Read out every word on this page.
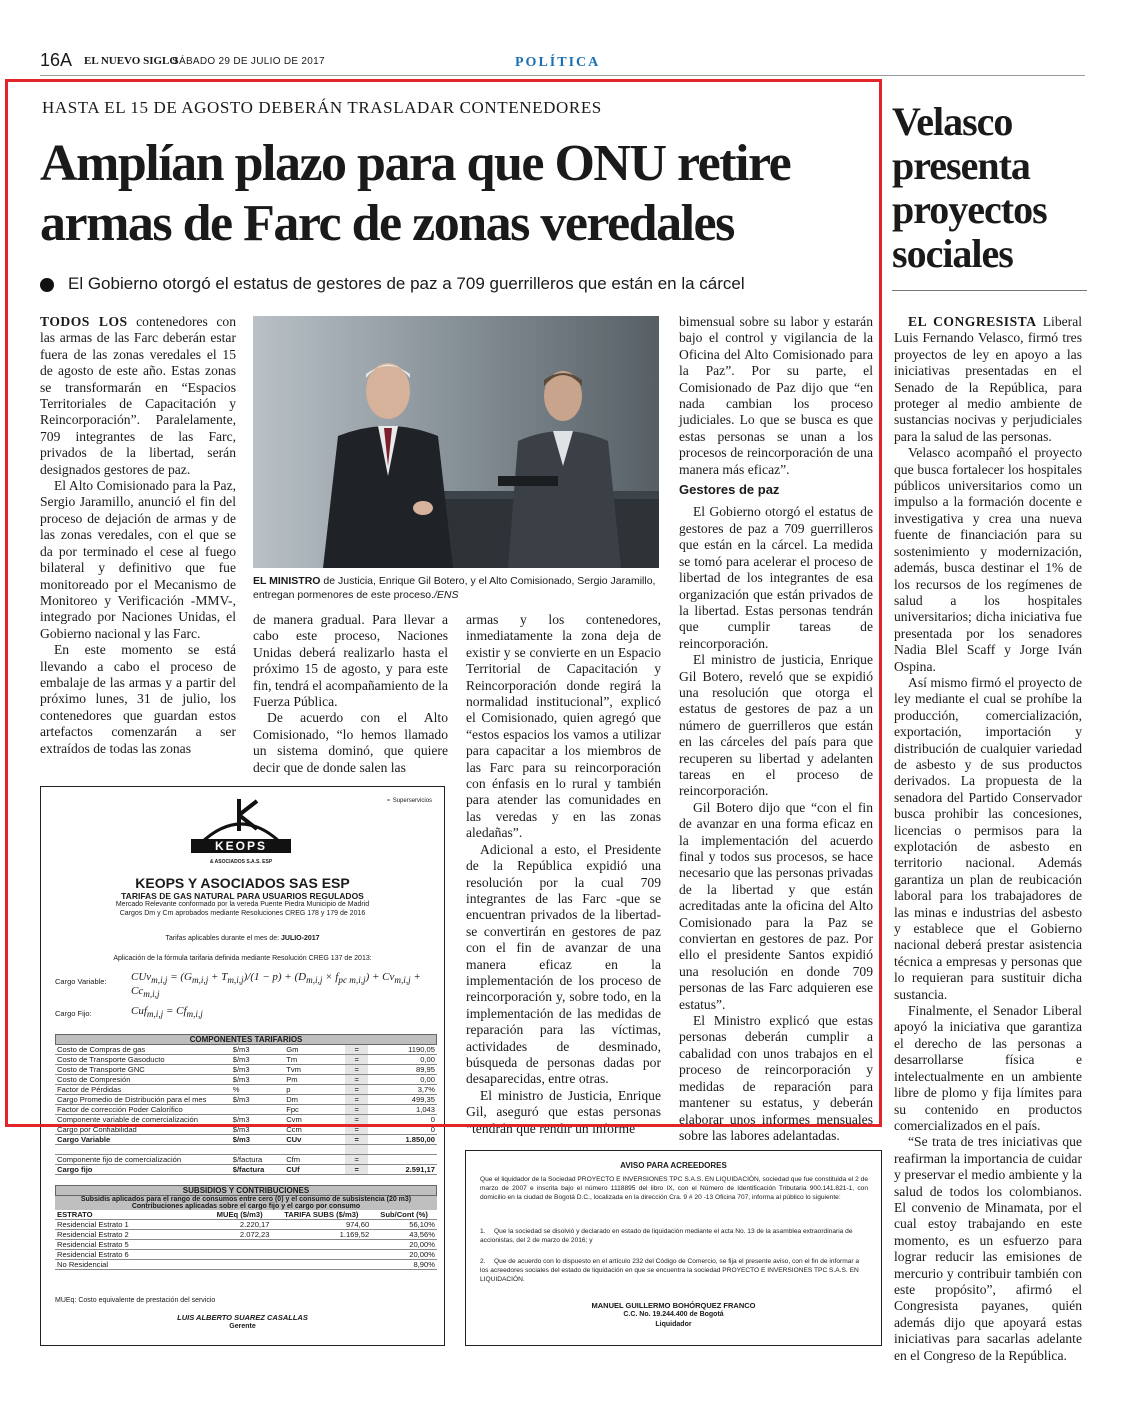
16A EL NUEVO SIGLO
SÁBADO 29 DE JULIO DE 2017	POLÍTICA
HASTA EL 15 DE AGOSTO DEBERÁN TRASLADAR CONTENEDORES
Amplían plazo para que ONU retire armas de Farc de zonas veredales
El Gobierno otorgó el estatus de gestores de paz a 709 guerrilleros que están en la cárcel

TODOS LOS contenedores con las armas de las Farc deberán estar fuera de las zonas veredales el 15 de agosto de este año. Estas zonas se transformarán en “Espacios Territoriales de Capacitación y Reincorporación”. Paralelamente, 709 integrantes de las Farc, privados de la libertad, serán designados gestores de paz.

El Alto Comisionado para la Paz, Sergio Jaramillo, anunció el fin del proceso de dejación de armas y de las zonas veredales, con el que se da por terminado el cese al fuego bilateral y definitivo que fue monitoreado por el Mecanismo de Monitoreo y Verificación -MMV-, integrado por Naciones Unidas, el Gobierno nacional y las Farc.

En este momento se está llevando a cabo el proceso de embalaje de las armas y a partir del próximo lunes, 31 de julio, los contenedores que guardan estos artefactos comenzarán a ser extraídos de todas las zonas

EL MINISTRO de Justicia, Enrique Gil Botero, y el Alto Comisionado, Sergio Jaramillo, entregan pormenores de este proceso./ENS

de manera gradual. Para llevar a cabo este proceso, Naciones Unidas deberá realizarlo hasta el próximo 15 de agosto, y para este fin, tendrá el acompañamiento de la Fuerza Pública.

De acuerdo con el Alto Comisionado, “lo hemos llamado un sistema dominó, que quiere decir que de donde salen las

armas y los contenedores, inmediatamente la zona deja de existir y se convierte en un Espacio Territorial de Capacitación y Reincorporación donde regirá la normalidad institucional”, explicó el Comisionado, quien agregó que “estos espacios los vamos a utilizar para capacitar a los miembros de las Farc para su reincorporación con énfasis en lo rural y también para atender las comunidades en las veredas y en las zonas aledañas”.

Adicional a esto, el Presidente de la República expidió una resolución por la cual 709 integrantes de las Farc -que se encuentran privados de la libertad- se convertirán en gestores de paz con el fin de avanzar de una manera eficaz en la implementación de los proceso de reincorporación y, sobre todo, en la implementación de las medidas de reparación para las víctimas, actividades de desminado, búsqueda de personas dadas por desaparecidas, entre otras.

El ministro de Justicia, Enrique Gil, aseguró que estas personas “tendrán que rendir un informe

bimensual sobre su labor y estarán bajo el control y vigilancia de la Oficina del Alto Comisionado para la Paz”. Por su parte, el Comisionado de Paz dijo que “en nada cambian los proceso judiciales. Lo que se busca es que estas personas se unan a los procesos de reincorporación de una manera más eficaz”.

Gestores de paz

El Gobierno otorgó el estatus de gestores de paz a 709 guerrilleros que están en la cárcel. La medida se tomó para acelerar el proceso de libertad de los integrantes de esa organización que están privados de la libertad. Estas personas tendrán que cumplir tareas de reincorporación.

El ministro de justicia, Enrique Gil Botero, reveló que se expidió una resolución que otorga el estatus de gestores de paz a un número de guerrilleros que están en las cárceles del país para que recuperen su libertad y adelanten tareas en el proceso de reincorporación.

Gil Botero dijo que “con el fin de avanzar en una forma eficaz en la implementación del acuerdo final y todos sus procesos, se hace necesario que las personas privadas de la libertad y que están acreditadas ante la oficina del Alto Comisionado para la Paz se conviertan en gestores de paz. Por ello el presidente Santos expidió una resolución en donde 709 personas de las Farc adquieren ese estatus”.

El Ministro explicó que estas personas deberán cumplir a cabalidad con unos trabajos en el proceso de reincorporación y medidas de reparación para mantener su estatus, y deberán elaborar unos informes mensuales sobre las labores adelantadas.

Velasco presenta proyectos sociales

EL CONGRESISTA Liberal Luis Fernando Velasco, firmó tres proyectos de ley en apoyo a las iniciativas presentadas en el Senado de la República, para proteger al medio ambiente de sustancias nocivas y perjudiciales para la salud de las personas.

Velasco acompañó el proyecto que busca fortalecer los hospitales públicos universitarios como un impulso a la formación docente e investigativa y crea una nueva fuente de financiación para su sostenimiento y modernización, además, busca destinar el 1% de los recursos de los regímenes de salud a los hospitales universitarios; dicha iniciativa fue presentada por los senadores Nadia Blel Scaff y Jorge Iván Ospina.

Así mismo firmó el proyecto de ley mediante el cual se prohíbe la producción, comercialización, exportación, importación y distribución de cualquier variedad de asbesto y de sus productos derivados. La propuesta de la senadora del Partido Conservador busca prohibir las concesiones, licencias o permisos para la explotación de asbesto en territorio nacional. Además garantiza un plan de reubicación laboral para los trabajadores de las minas e industrias del asbesto y establece que el Gobierno nacional deberá prestar asistencia técnica a empresas y personas que lo requieran para sustituir dicha sustancia.

Finalmente, el Senador Liberal apoyó la iniciativa que garantiza el derecho de las personas a desarrollarse física e intelectualmente en un ambiente libre de plomo y fija límites para su contenido en productos comercializados en el país.

“Se trata de tres iniciativas que reafirman la importancia de cuidar y preservar el medio ambiente y la salud de todos los colombianos. El convenio de Minamata, por el cual estoy trabajando en este momento, es un esfuerzo para lograr reducir las emisiones de mercurio y contribuir también con este propósito”, afirmó el Congresista payanes, quién además dijo que apoyará estas iniciativas para sacarlas adelante en el Congreso de la República.

KEOPS
& ASOCIADOS S.A.S. ESP
⚬ Superservicios
KEOPS Y ASOCIADOS SAS ESP
TARIFAS DE GAS NATURAL PARA USUARIOS REGULADOS
Mercado Relevante conformado por la vereda Puente Piedra Municipio de Madrid
Cargos Dm y Cm aprobados mediante Resoluciones CREG 178 y 179 de 2016
Tarifas aplicables durante el mes de: JULIO-2017
Aplicación de la fórmula tarifaria definida mediante Resolución CREG 137 de 2013:
Cargo Variable: $CUv_{m,i,j} = (G_{m,i,j} + T_{m,i,j})/(1 - p) + (D_{m,i,j} \times f_{pc m,i,j}) + Cv_{m,i,j} + Cc_{m,i,j}$
Cargo Fijo:	$Cuf_{m,i,j} = Cf_{m,i,j}$
COMPONENTES TARIFARIOS
Costo de Compras de gas	$/m3	Gm	=	1190,05
Costo de Transporte Gasoducto	$/m3	Tm	=	0,00
Costo de Transporte GNC	$/m3	Tvm	=	89,95
Costo de Compresión	$/m3	Pm	=	0,00
Factor de Pérdidas	%	p	=	3,7%
Cargo Promedio de Distribución para el mes	$/m3	Dm	=	499,35
Factor de corrección Poder Calorífico		Fpc	=	1,043
Componente variable de comercialización	$/m3	Cvm	=	0
Cargo por Confiabilidad	$/m3	Ccm	=	0
Cargo Variable	$/m3	CUv	=	1.850,00

Componente fijo de comercialización	$/factura	Cfm	=	
Cargo fijo	$/factura	CUf	=	2.591,17
SUBSIDIOS Y CONTRIBUCIONES
Subsidis aplicados para el rango de consumos entre cero (0) y el consumo de subsistencia (20 m3)
Contribuciones aplicadas sobre el cargo fijo y el cargo por consumo
ESTRATO	MUEq ($/m3)	TARIFA SUBS ($/m3)	Sub/Cont (%)
Residencial Estrato 1	2.220,17	974,60	56,10%
Residencial Estrato 2	2.072,23	1.169,52	43,56%
Residencial Estrato 5			20,00%
Residencial Estrato 6			20,00%
No Residencial			8,90%
MUEq: Costo equivalente de prestación del servicio
LUIS ALBERTO SUAREZ CASALLAS
Gerente
AVISO PARA ACREEDORES
Que el liquidador de la Sociedad PROYECTO E INVERSIONES TPC S.A.S. EN LIQUIDACIÓN, sociedad que fue constituida el 2 de marzo de 2007 e inscrita bajo el número 1118895 del libro IX, con el Número de Identificación Tributaria 900.141.821-1, con domicilio en la ciudad de Bogotá D.C., localizada en la dirección Cra. 9 # 20 -13 Oficina 707, informa al público lo siguiente:
1. Que la sociedad se disolvió y declarado en estado de liquidación mediante el acta No. 13 de la asamblea extraordinaria de accionistas, del 2 de marzo de 2016; y
2. Que de acuerdo con lo dispuesto en el artículo 232 del Código de Comercio, se fija el presente aviso, con el fin de informar a los acreedores sociales del estado de liquidación en que se encuentra la sociedad PROYECTO E INVERSIONES TPC S.A.S. EN LIQUIDACIÓN.
MANUEL GUILLERMO BOHÓRQUEZ FRANCO
C.C. No. 19.244.400 de Bogotá
Liquidador
